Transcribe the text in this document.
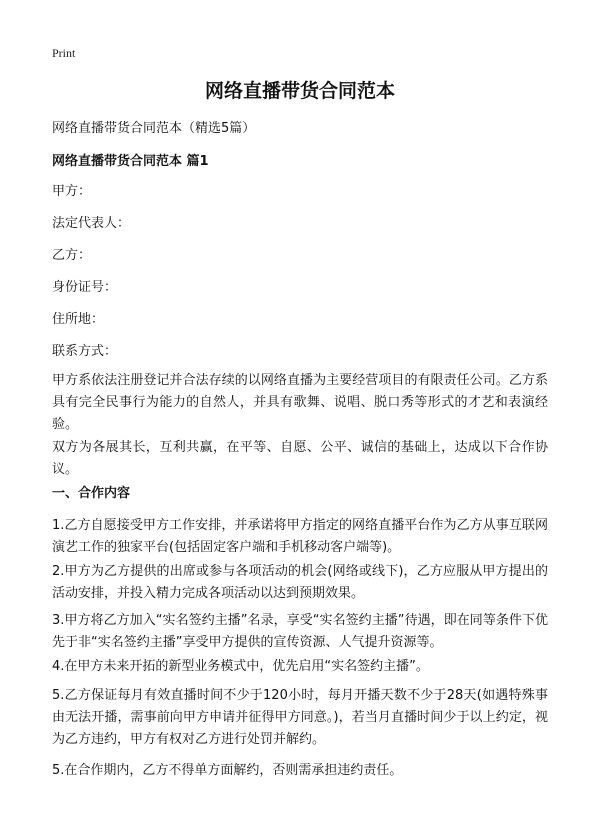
Print
网络直播带货合同范本
网络直播带货合同范本（精选5篇）
网络直播带货合同范本 篇1
甲方：
法定代表人：
乙方：
身份证号：
住所地：
联系方式：
甲方系依法注册登记并合法存续的以网络直播为主要经营项目的有限责任公司。乙方系具有完全民事行为能力的自然人，并具有歌舞、说唱、脱口秀等形式的才艺和表演经验。
双方为各展其长，互利共赢，在平等、自愿、公平、诚信的基础上，达成以下合作协议。
一、合作内容
1.乙方自愿接受甲方工作安排，并承诺将甲方指定的网络直播平台作为乙方从事互联网演艺工作的独家平台(包括固定客户端和手机移动客户端等)。
2.甲方为乙方提供的出席或参与各项活动的机会(网络或线下)，乙方应服从甲方提出的活动安排，并投入精力完成各项活动以达到预期效果。
3.甲方将乙方加入“实名签约主播”名录，享受“实名签约主播”待遇，即在同等条件下优先于非“实名签约主播”享受甲方提供的宣传资源、人气提升资源等。
4.在甲方未来开拓的新型业务模式中，优先启用“实名签约主播”。
5.乙方保证每月有效直播时间不少于120小时，每月开播天数不少于28天(如遇特殊事由无法开播，需事前向甲方申请并征得甲方同意。)，若当月直播时间少于以上约定，视为乙方违约，甲方有权对乙方进行处罚并解约。
5.在合作期内，乙方不得单方面解约，否则需承担违约责任。
